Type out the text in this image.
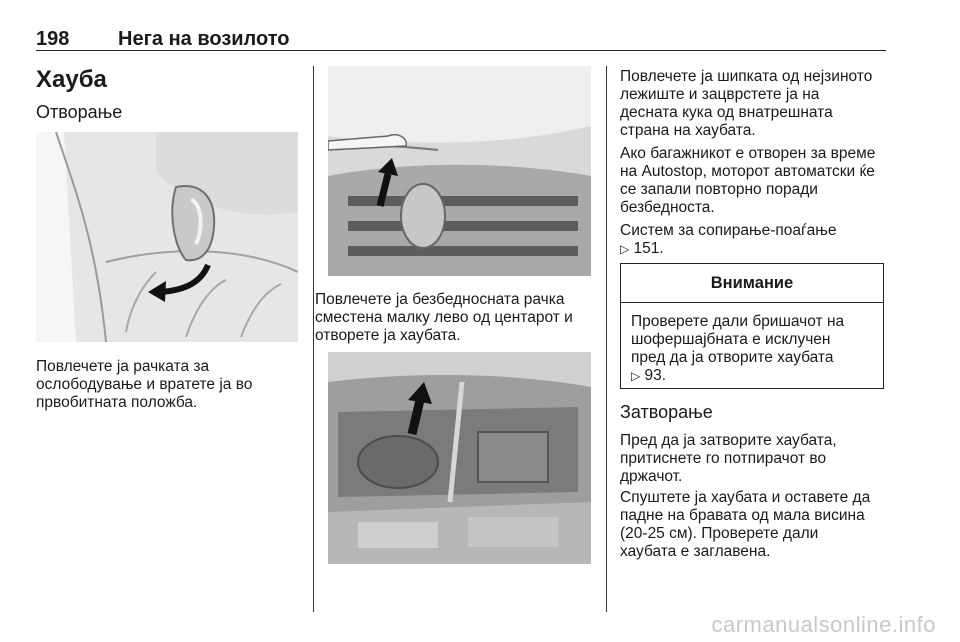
198 Нега на возилото
Хауба
Отворање

Повлечете ја рачката за
ослободување и вратете ја во
првобитната положба.

Повлечете ја безбедносната рачка
сместена малку лево од центарот и
отворете ја хаубата.

Повлечете ја шипката од нејзиното
лежиште и зацврстете ја на
десната кука од внатрешната
страна на хаубата.

Ако багажникот е отворен за време
на Autostop, моторот автоматски ќе
се запали повторно поради
безбедноста.

Систем за сопирање-поаѓање
▷ 151.

Внимание
Проверете дали бришачот на
шофершајбната е исклучен
пред да ја отворите хаубата
▷ 93.
Затворање

Пред да ја затворите хаубата,
притиснете го потпирачот во
држачот.

Спуштете ја хаубата и оставете да
падне на бравата од мала висина
(20-25 см). Проверете дали
хаубата е заглавена.

carmanualsonline.info
